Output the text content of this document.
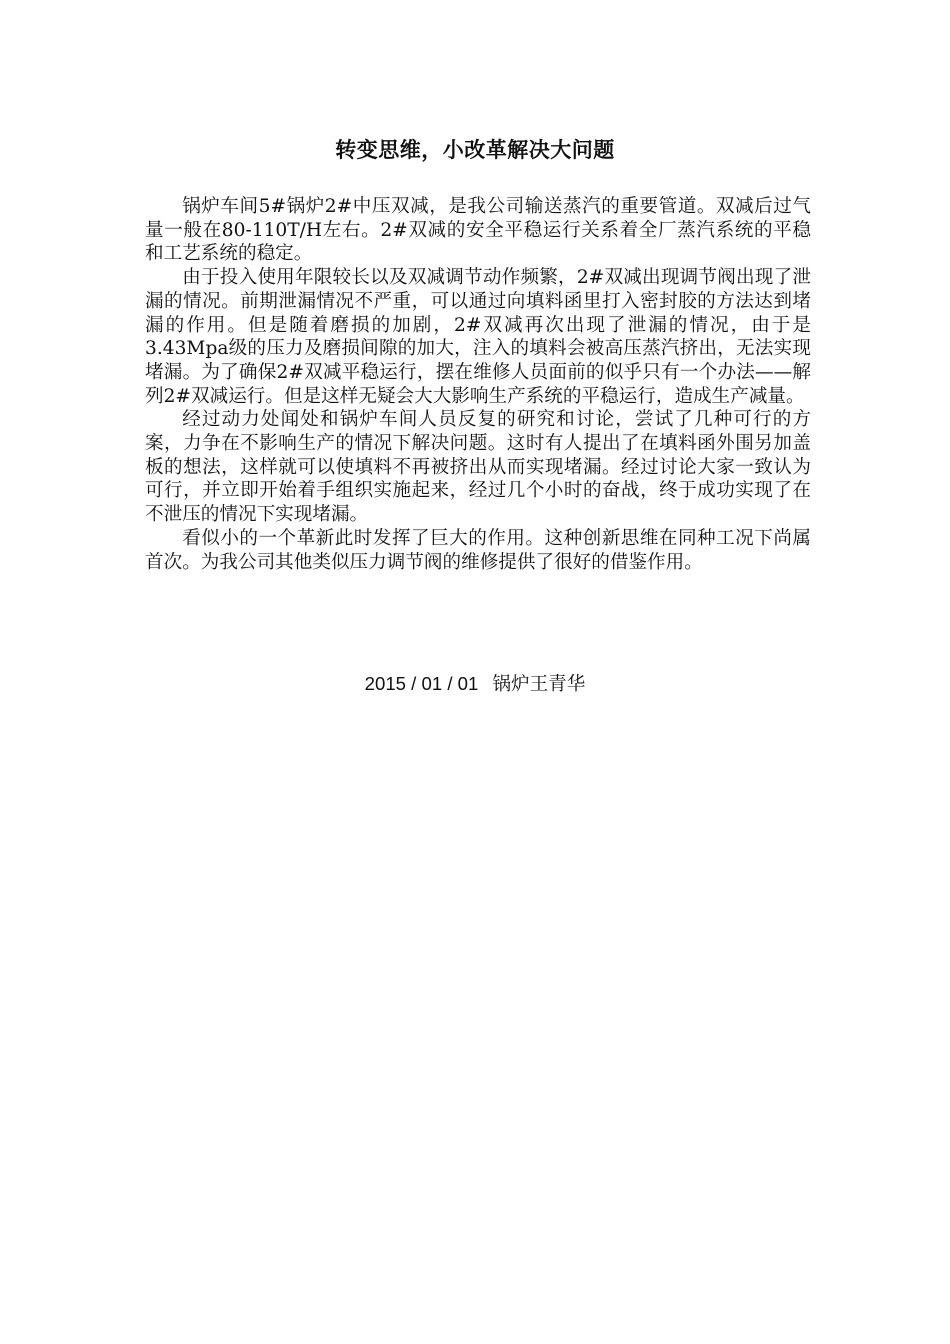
转变思维，小改革解决大问题

锅炉车间5#锅炉2#中压双减，是我公司输送蒸汽的重要管道。双减后过气量一般在80-110T/H左右。2#双减的安全平稳运行关系着全厂蒸汽系统的平稳和工艺系统的稳定。

由于投入使用年限较长以及双减调节动作频繁，2#双减出现调节阀出现了泄漏的情况。前期泄漏情况不严重，可以通过向填料函里打入密封胶的方法达到堵漏的作用。但是随着磨损的加剧，2#双减再次出现了泄漏的情况，由于是3.43Mpa级的压力及磨损间隙的加大，注入的填料会被高压蒸汽挤出，无法实现堵漏。为了确保2#双减平稳运行，摆在维修人员面前的似乎只有一个办法——解列2#双减运行。但是这样无疑会大大影响生产系统的平稳运行，造成生产减量。

经过动力处闻处和锅炉车间人员反复的研究和讨论，尝试了几种可行的方案，力争在不影响生产的情况下解决问题。这时有人提出了在填料函外围另加盖板的想法，这样就可以使填料不再被挤出从而实现堵漏。经过讨论大家一致认为可行，并立即开始着手组织实施起来，经过几个小时的奋战，终于成功实现了在不泄压的情况下实现堵漏。

看似小的一个革新此时发挥了巨大的作用。这种创新思维在同种工况下尚属首次。为我公司其他类似压力调节阀的维修提供了很好的借鉴作用。

2015 / 01 / 01 锅炉王青华
